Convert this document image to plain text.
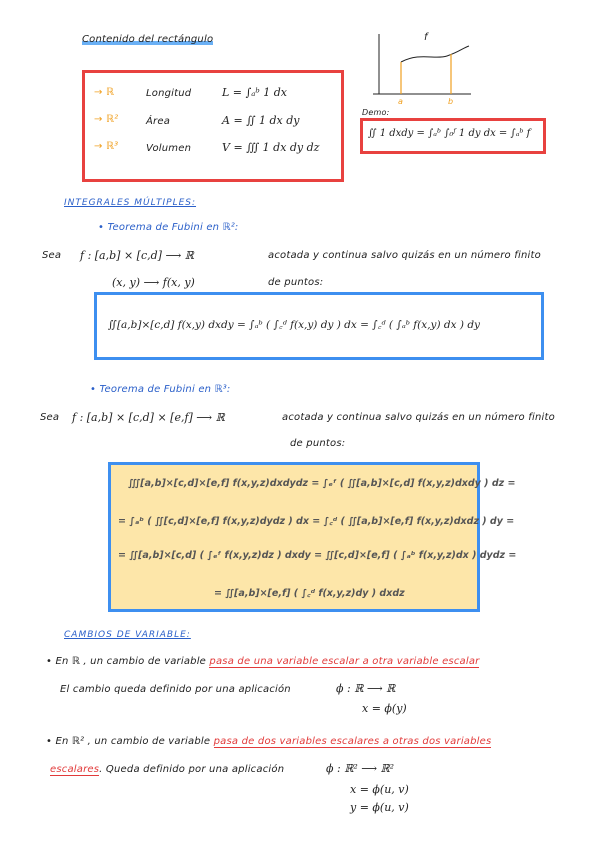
Contenido del rectángulo
→ ℝ	Longitud	L = ∫ₐᵇ 1 dx
→ ℝ²	Área	A = ∬ 1 dx dy
→ ℝ³	Volumen	V = ∭ 1 dx dy dz
f
a	b
Demo:
∬ 1 dxdy = ∫ₐᵇ ∫₀ᶠ 1 dy dx = ∫ₐᵇ f
INTEGRALES MÚLTIPLES:
• Teorema de Fubini en ℝ²:
Sea f : [a,b] × [c,d] ⟶ ℝ	acotada y continua salvo quizás en un número finito
(x, y) ⟶ f(x, y)	de puntos:
∬[a,b]×[c,d] f(x,y) dxdy = ∫ₐᵇ ( ∫꜀ᵈ f(x,y) dy ) dx = ∫꜀ᵈ ( ∫ₐᵇ f(x,y) dx ) dy
• Teorema de Fubini en ℝ³:
Sea f : [a,b] × [c,d] × [e,f] ⟶ ℝ	acotada y continua salvo quizás en un número finito
de puntos:
∭[a,b]×[c,d]×[e,f] f(x,y,z)dxdydz = ∫ₑᶠ ( ∬[a,b]×[c,d] f(x,y,z)dxdy ) dz =
= ∫ₐᵇ ( ∬[c,d]×[e,f] f(x,y,z)dydz ) dx = ∫꜀ᵈ ( ∬[a,b]×[e,f] f(x,y,z)dxdz ) dy =
= ∬[a,b]×[c,d] ( ∫ₑᶠ f(x,y,z)dz ) dxdy = ∬[c,d]×[e,f] ( ∫ₐᵇ f(x,y,z)dx ) dydz =
= ∬[a,b]×[e,f] ( ∫꜀ᵈ f(x,y,z)dy ) dxdz
CAMBIOS DE VARIABLE:
• En ℝ , un cambio de variable pasa de una variable escalar a otra variable escalar
El cambio queda definido por una aplicación	ϕ : ℝ ⟶ ℝ
x = ϕ(y)
• En ℝ² , un cambio de variable pasa de dos variables escalares a otras dos variables
escalares. Queda definido por una aplicación	ϕ : ℝ² ⟶ ℝ²
x = ϕ(u, v)
y = ϕ(u, v)
